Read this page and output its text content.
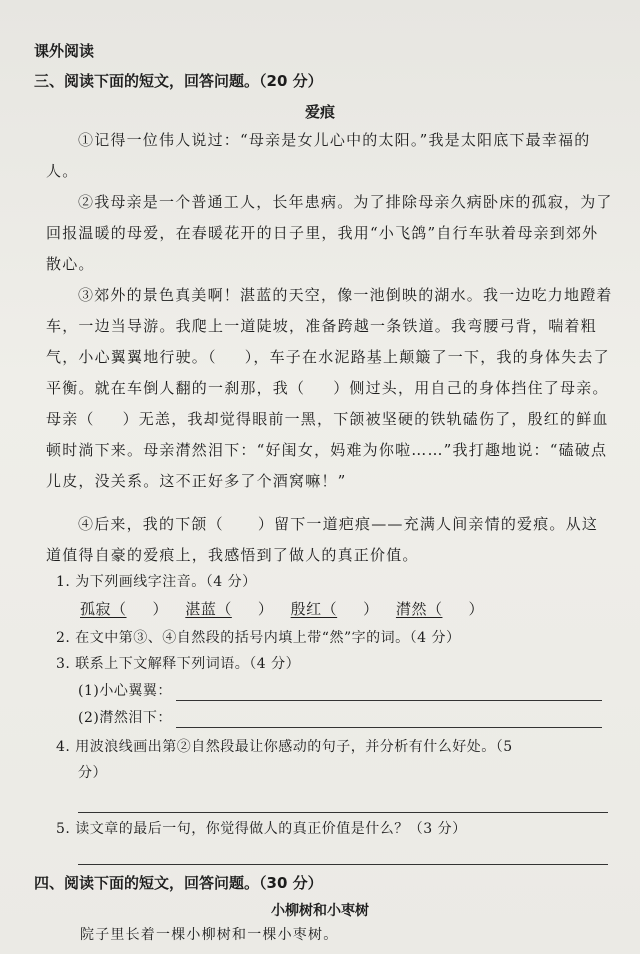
课外阅读
三、阅读下面的短文，回答问题。（20 分）
爱痕
①记得一位伟人说过：“母亲是女儿心中的太阳。”我是太阳底下最幸福的人。
②我母亲是一个普通工人，长年患病。为了排除母亲久病卧床的孤寂，为了回报温暖的母爱，在春暖花开的日子里，我用“小飞鸽”自行车驮着母亲到郊外散心。
③郊外的景色真美啊！湛蓝的天空，像一池倒映的湖水。我一边吃力地蹬着车，一边当导游。我爬上一道陡坡，准备跨越一条铁道。我弯腰弓背，喘着粗气，小心翼翼地行驶。（ ），车子在水泥路基上颠簸了一下，我的身体失去了平衡。就在车倒人翻的一刹那，我（ ）侧过头，用自己的身体挡住了母亲。母亲（ ）无恙，我却觉得眼前一黑，下颌被坚硬的铁轨磕伤了，殷红的鲜血顿时淌下来。母亲潸然泪下：“好闺女，妈难为你啦……”我打趣地说：“磕破点儿皮，没关系。这不正好多了个酒窝嘛！”
④后来，我的下颌（ ）留下一道疤痕——充满人间亲情的爱痕。从这道值得自豪的爱痕上，我感悟到了做人的真正价值。
1. 为下列画线字注音。（4 分）
孤寂（ ） 湛蓝（ ） 殷红（ ） 潸然（ ）
2. 在文中第③、④自然段的括号内填上带“然”字的词。（4 分）
3. 联系上下文解释下列词语。（4 分）
(1)小心翼翼：
(2)潸然泪下：
4. 用波浪线画出第②自然段最让你感动的句子，并分析有什么好处。（5
分）
5. 读文章的最后一句，你觉得做人的真正价值是什么？（3 分）
四、阅读下面的短文，回答问题。（30 分）
小柳树和小枣树
院子里长着一棵小柳树和一棵小枣树。
